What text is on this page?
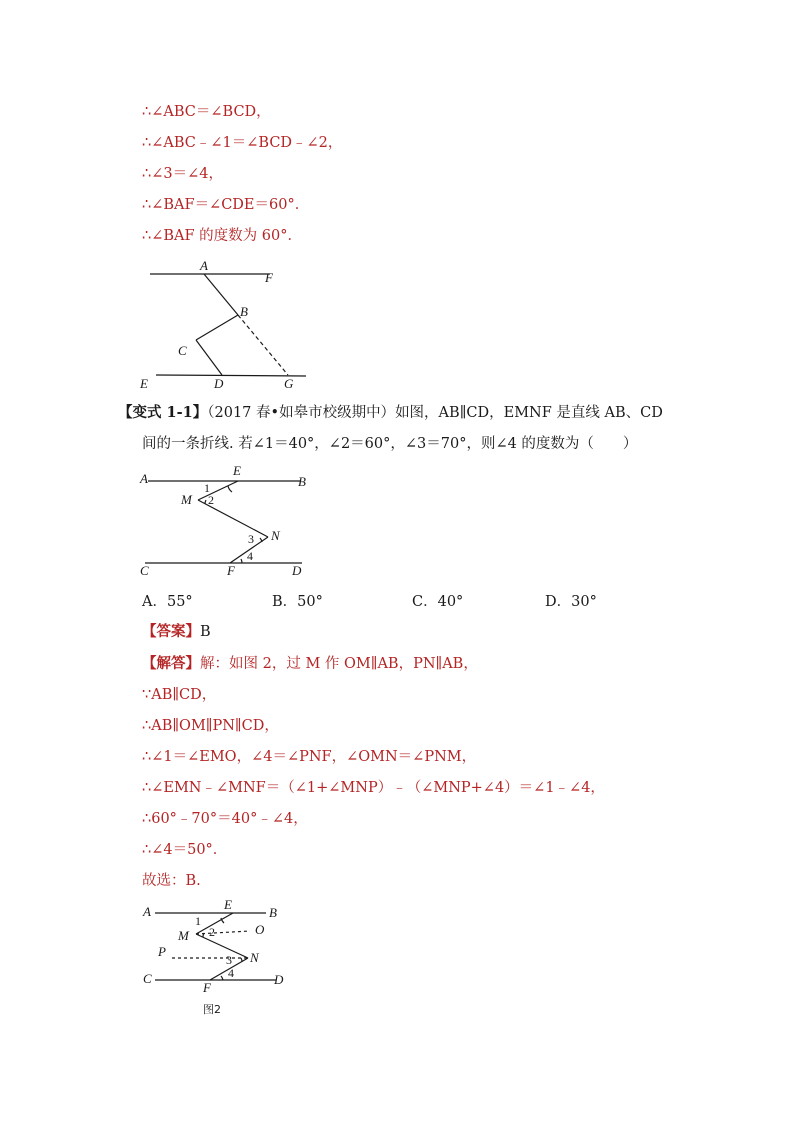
∴∠ABC＝∠BCD，
∴∠ABC﹣∠1＝∠BCD﹣∠2，
∴∠3＝∠4，
∴∠BAF＝∠CDE＝60°．
∴∠BAF 的度数为 60°．
A
F
B
C
E	D	G
【变式 1-1】（2017 春•如皋市校级期中）如图，AB∥CD，EMNF 是直线 AB、CD
间的一条折线. 若∠1＝40°，∠2＝60°，∠3＝70°，则∠4 的度数为（　　）
A
E
B
M
N
C	F	D
1
2
3
4
A．55°	B．50°	C．40°	D．30°
【答案】B
【解答】解：如图 2，过 M 作 OM∥AB，PN∥AB，
∵AB∥CD，
∴AB∥OM∥PN∥CD，
∴∠1＝∠EMO，∠4＝∠PNF，∠OMN＝∠PNM，
∴∠EMN﹣∠MNF＝（∠1+∠MNP）﹣（∠MNP+∠4）＝∠1﹣∠4，
∴60°﹣70°＝40°﹣∠4，
∴∠4＝50°．
故选：B.
A	E
B
M	O
P	N
C
F
D
1
2
3
4
图2
